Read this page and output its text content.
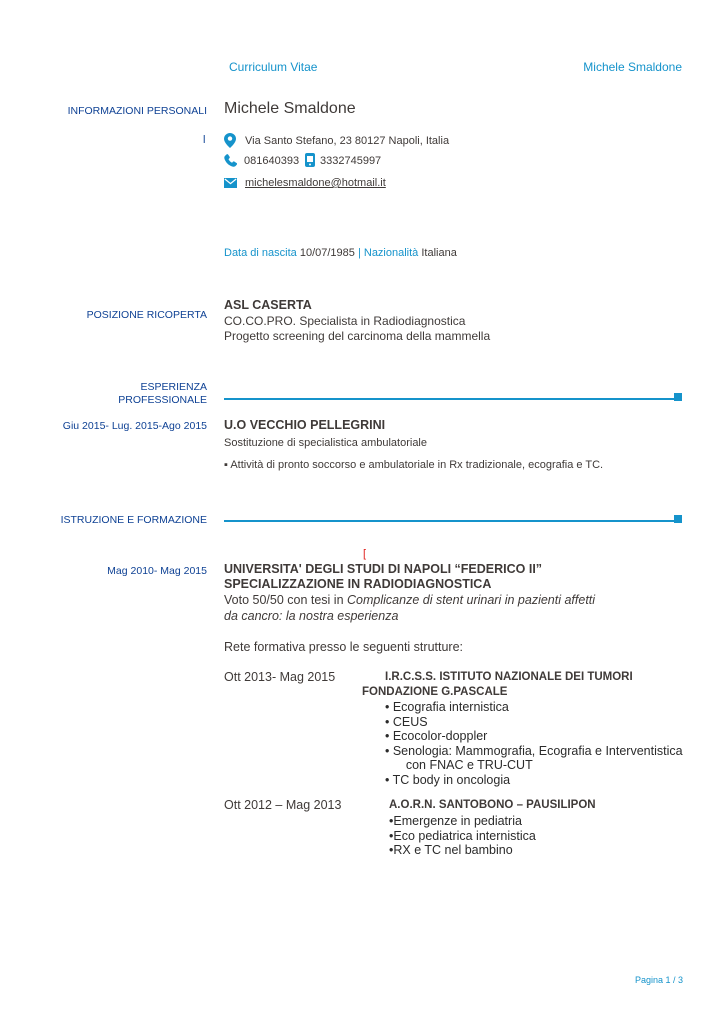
Curriculum Vitae	Michele Smaldone
INFORMAZIONI PERSONALI Michele Smaldone
l	Via Santo Stefano, 23 80127 Napoli, Italia
081640393 3332745997
michelesmaldone@hotmail.it
Data di nascita 10/07/1985 | Nazionalità Italiana
POSIZIONE RICOPERTA
ASL CASERTA
CO.CO.PRO. Specialista in Radiodiagnostica
Progetto screening del carcinoma della mammella
ESPERIENZA
PROFESSIONALE
Giu 2015- Lug. 2015-Ago 2015 U.O VECCHIO PELLEGRINI
Sostituzione di specialistica ambulatoriale
▪ Attività di pronto soccorso e ambulatoriale in Rx tradizionale, ecografia e TC.
ISTRUZIONE E FORMAZIONE
[
Mag 2010- Mag 2015 UNIVERSITA' DEGLI STUDI DI NAPOLI “FEDERICO II”
SPECIALIZZAZIONE IN RADIODIAGNOSTICA
Voto 50/50 con tesi in Complicanze di stent urinari in pazienti affetti
da cancro: la nostra esperienza
Rete formativa presso le seguenti strutture:
Ott 2013- Mag 2015	I.R.C.S.S. ISTITUTO NAZIONALE DEI TUMORI
FONDAZIONE G.PASCALE
• Ecografia internistica
• CEUS
• Ecocolor-doppler
• Senologia: Mammografia, Ecografia e Interventistica
con FNAC e TRU-CUT
• TC body in oncologia
Ott 2012 – Mag 2013	A.O.R.N. SANTOBONO – PAUSILIPON
•Emergenze in pediatria
•Eco pediatrica internistica
•RX e TC nel bambino
Pagina 1 / 3
